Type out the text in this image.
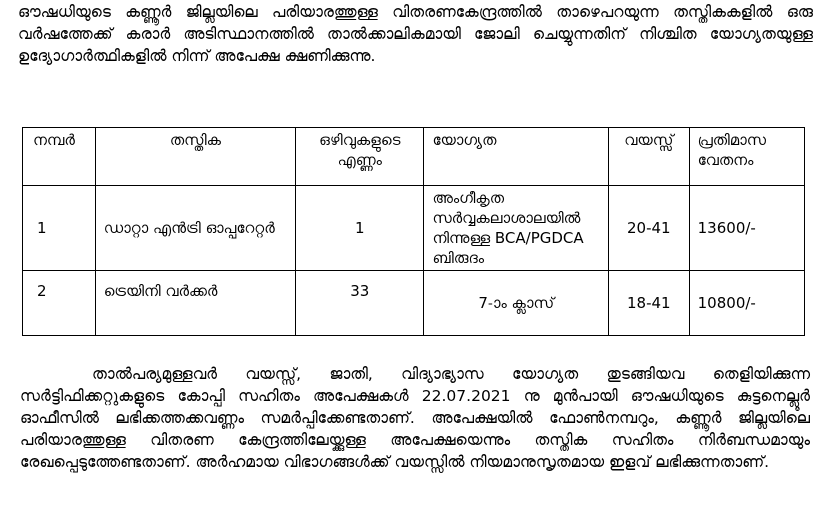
ഔഷധിയുടെ കണ്ണൂർ ജില്ലയിലെ പരിയാരത്തുള്ള വിതരണകേന്ദ്രത്തിൽ താഴെപറയുന്ന തസ്തികകളിൽ ഒരു വർഷത്തേക്ക് കരാർ അടിസ്ഥാനത്തിൽ താൽക്കാലികമായി ജോലി ചെയ്യുന്നതിന് നിശ്ചിത യോഗ്യതയുള്ള ഉദ്യോഗാർത്ഥികളിൽ നിന്ന് അപേക്ഷ ക്ഷണിക്കുന്നു.

നമ്പർ	തസ്തിക	ഒഴിവുകളുടെ എണ്ണം	യോഗ്യത	വയസ്സ്	പ്രതിമാസ വേതനം
1	ഡാറ്റാ എൻട്രി ഓപ്പറേറ്റർ	1	അംഗീകൃത സർവ്വകലാശാലയിൽ നിന്നുള്ള BCA/PGDCA ബിരുദം	20-41	13600/-
2	ട്രെയിനി വർക്കർ	33	7-ാം ക്ലാസ്	18-41	10800/-

താൽപര്യമുള്ളവർ വയസ്സ്, ജാതി, വിദ്യാഭ്യാസ യോഗ്യത തുടങ്ങിയവ തെളിയിക്കുന്ന സർട്ടിഫിക്കറ്റുകളുടെ കോപ്പി സഹിതം അപേക്ഷകൾ 22.07.2021 നു മുൻപായി ഔഷധിയുടെ കുട്ടനെല്ലൂർ ഓഫീസിൽ ലഭിക്കത്തക്കവണ്ണം സമർപ്പിക്കേണ്ടതാണ്. അപേക്ഷയിൽ ഫോൺനമ്പറും, കണ്ണൂർ ജില്ലയിലെ പരിയാരത്തുള്ള വിതരണ കേന്ദ്രത്തിലേയ്ക്കുള്ള അപേക്ഷയെന്നും തസ്തിക സഹിതം നിർബന്ധമായും രേഖപ്പെടുത്തേണ്ടതാണ്. അർഹമായ വിഭാഗങ്ങൾക്ക് വയസ്സിൽ നിയമാനുസൃതമായ ഇളവ് ലഭിക്കുന്നതാണ്.
